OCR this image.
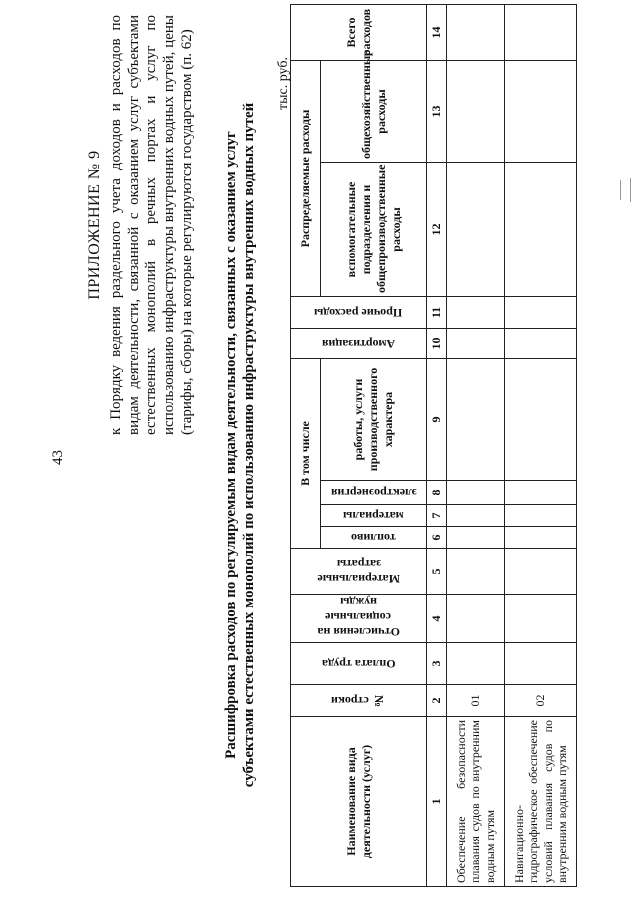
43
ПРИЛОЖЕНИЕ № 9 к Порядку ведения раздельного учета доходов и расходов по видам деятельности, связанной с оказанием услуг субъектами естественных монополий в речных портах и услуг по использованию инфраструктуры внутренних водных путей, цены (тарифы, сборы) на которые регулируются государством (п. 62) Расшифровка расходов по регулируемым видам деятельности, связанных с оказанием услуг субъектами естественных монополий по использованию инфраструктуры внутренних водных путей
тыс. руб.
Наименование вида деятельности (услуг)	№ строки	Оплата труда	Отчисления на социальные нужды	Материальные затраты	В том числе				Амортизация	Прочие расходы	Распределяемые расходы		Всего расходов

					топливо	материалы	электроэнергия	работы, услуги производственного характера			вспомогательные подразделения и общепроизводственные расходы	общехозяйственные расходы	

1	2	3	4	5	6	7	8	9	10	11	12	13	14
Обеспечение безопасности плавания судов по внутренним водным путям	01												
Навигационно-гидрографическое обеспечение условий плавания судов по внутренним водным путям	02												
